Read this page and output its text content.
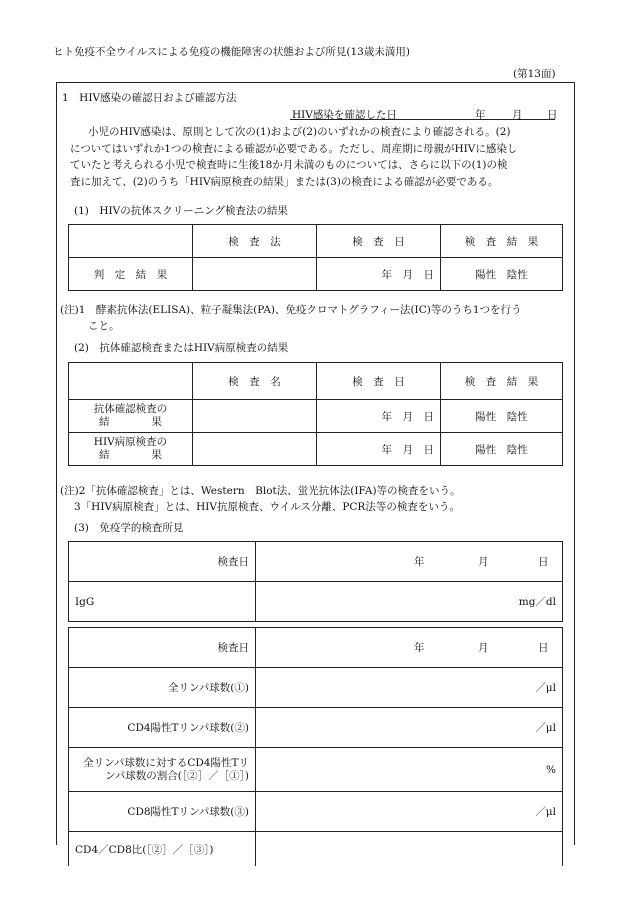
ヒト免疫不全ウイルスによる免疫の機能障害の状態および所見(13歳未満用)
(第13面)
1　HIV感染の確認日および確認方法
HIV感染を確認した日	年	月 日
小児のHIV感染は、原則として次の(1)および(2)のいずれかの検査により確認される。(2)
についてはいずれか1つの検査による確認が必要である。ただし、周産期に母親がHIVに感染し
ていたと考えられる小児で検査時に生後18か月未満のものについては、さらに以下の(1)の検
査に加えて、(2)のうち「HIV病原検査の結果」または(3)の検査による確認が必要である。
(1)　HIVの抗体スクリーニング検査法の結果
	検　査　法	検　査　日	検　査　結　果
判　定　結　果		年　月　日	陽性　陰性
(注)1　酵素抗体法(ELISA)、粒子凝集法(PA)、免疫クロマトグラフィー法(IC)等のうち1つを行う
こと。
(2)　抗体確認検査またはHIV病原検査の結果
	検　査　名	検　査　日	検　査　結　果

抗体確認検査の
結　　　　果		年　月　日	陽性　陰性

HIV病原検査の
結　　　　果		年　月　日	陽性　陰性
(注)2「抗体確認検査」とは、Western　Blot法、蛍光抗体法(IFA)等の検査をいう。
3「HIV病原検査」とは、HIV抗原検査、ウイルス分離、PCR法等の検査をいう。
(3)　免疫学的検査所見
検査日	年 月 日

IgG	mg／dl
検査日	年 月 日

全リンパ球数(①)	／μl
CD4陽性Tリンパ球数(②)	／μl
全リンパ球数に対するCD4陽性Tリンパ球数の割合(［②］／［①］)	%
CD8陽性Tリンパ球数(③)	／μl
CD4／CD8比(［②］／［③］)	
